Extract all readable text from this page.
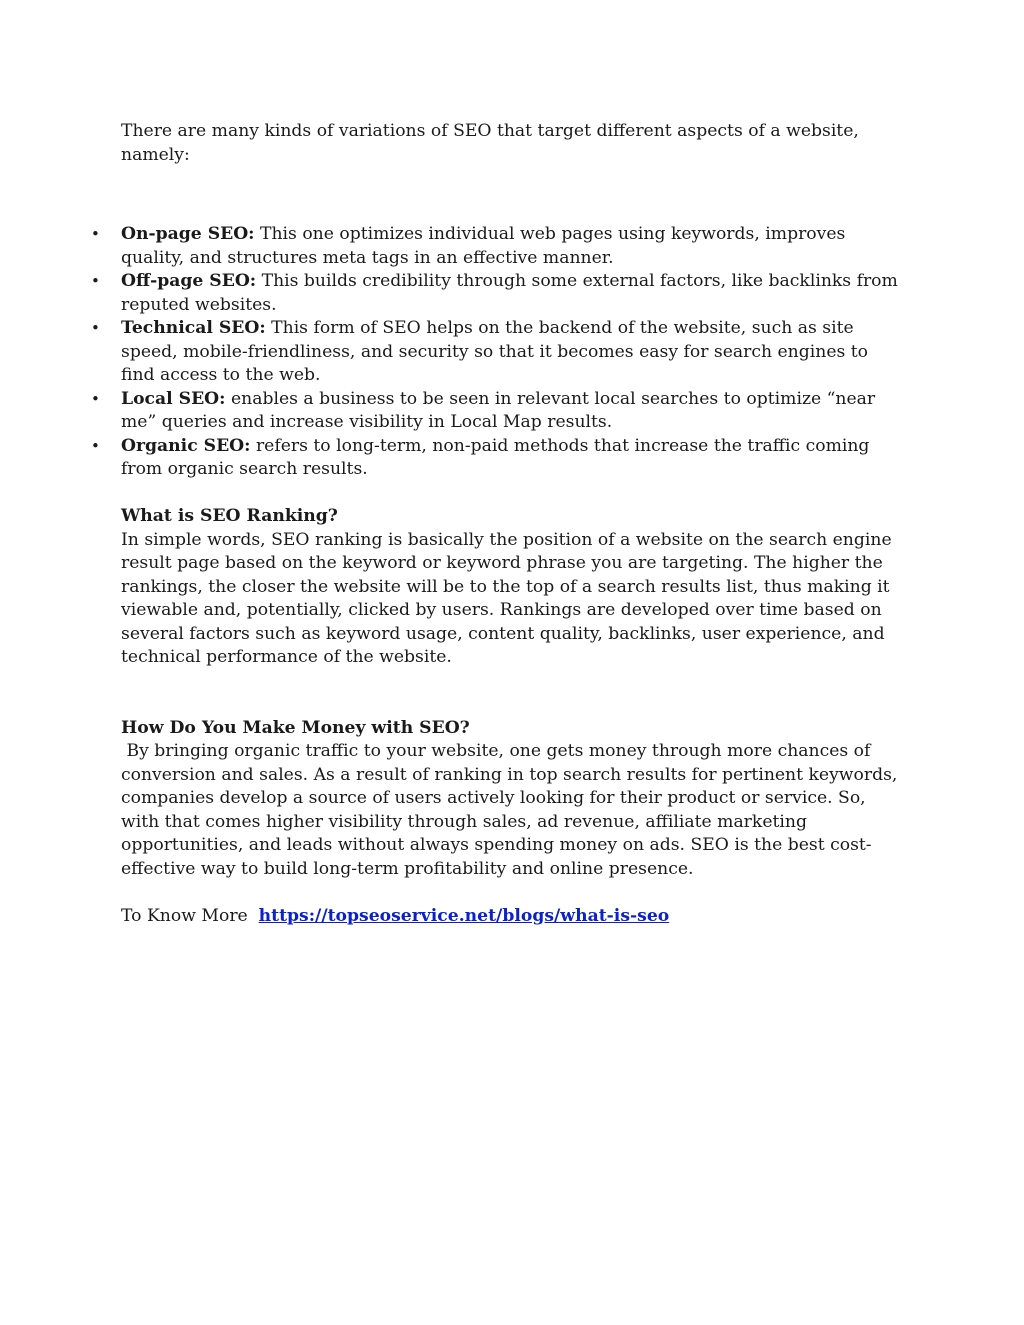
There are many kinds of variations of SEO that target different aspects of a website, namely:

• On-page SEO: This one optimizes individual web pages using keywords, improves quality, and structures meta tags in an effective manner.
• Off-page SEO: This builds credibility through some external factors, like backlinks from reputed websites.
• Technical SEO: This form of SEO helps on the backend of the website, such as site speed, mobile-friendliness, and security so that it becomes easy for search engines to find access to the web.
• Local SEO: enables a business to be seen in relevant local searches to optimize “near me” queries and increase visibility in Local Map results.
• Organic SEO: refers to long-term, non-paid methods that increase the traffic coming from organic search results.

What is SEO Ranking?

In simple words, SEO ranking is basically the position of a website on the search engine result page based on the keyword or keyword phrase you are targeting. The higher the rankings, the closer the website will be to the top of a search results list, thus making it viewable and, potentially, clicked by users. Rankings are developed over time based on several factors such as keyword usage, content quality, backlinks, user experience, and technical performance of the website.

How Do You Make Money with SEO?

By bringing organic traffic to your website, one gets money through more chances of conversion and sales. As a result of ranking in top search results for pertinent keywords, companies develop a source of users actively looking for their product or service. So, with that comes higher visibility through sales, ad revenue, affiliate marketing opportunities, and leads without always spending money on ads. SEO is the best cost-effective way to build long-term profitability and online presence.

To Know More  https://topseoservice.net/blogs/what-is-seo
